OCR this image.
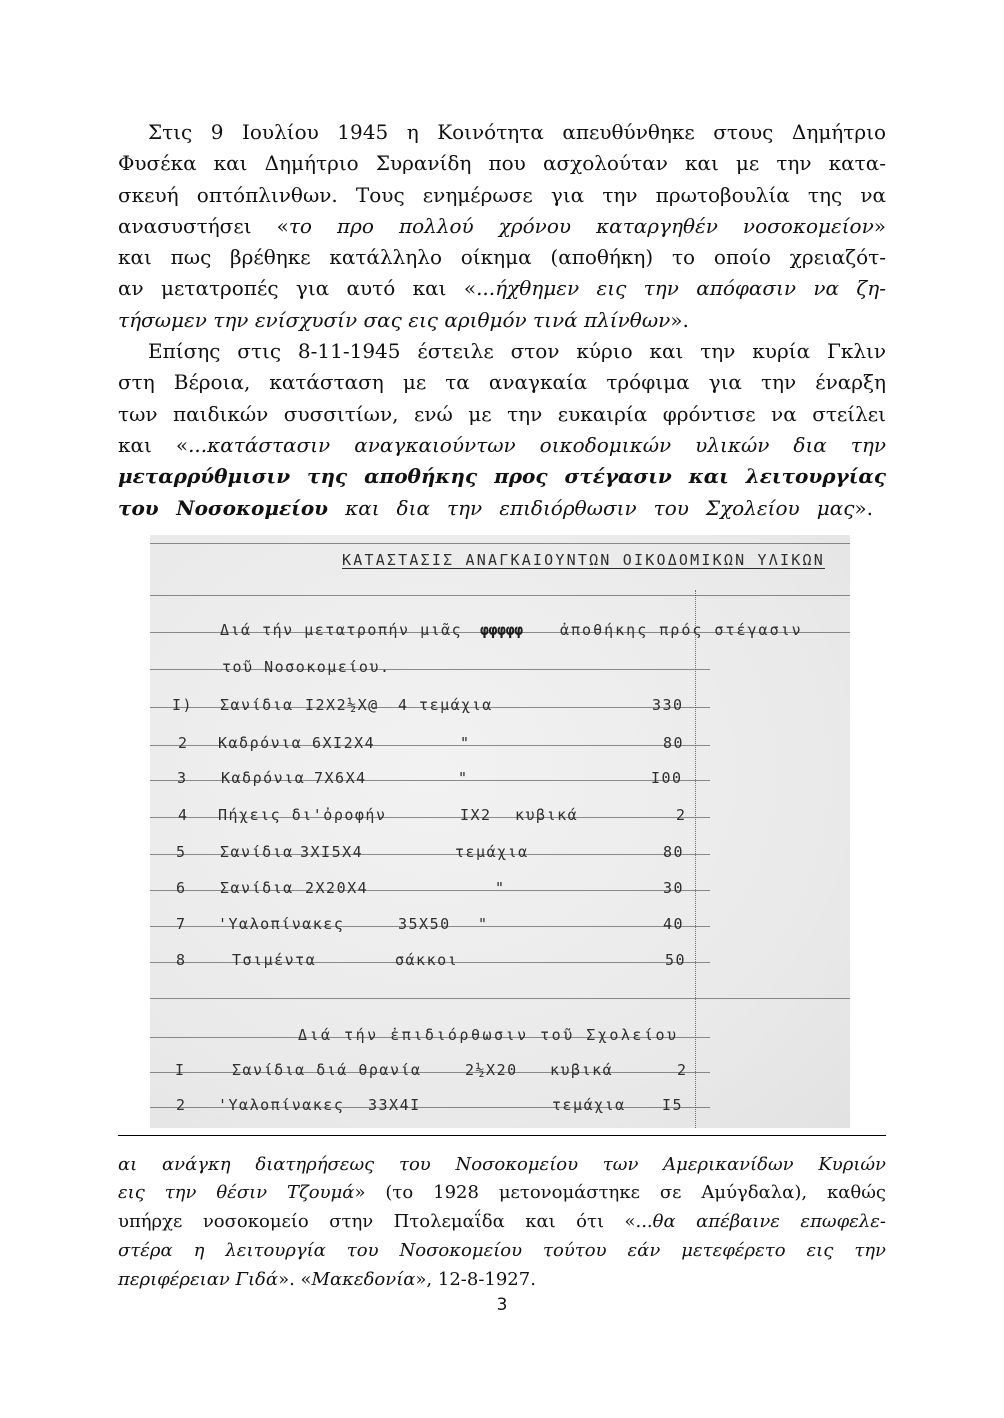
Στις 9 Ιουλίου 1945 η Κοινότητα απευθύνθηκε στους Δημήτριο
Φυσέκα και Δημήτριο Συρανίδη που ασχολούταν και με την κατα-
σκευή οπτόπλινθων. Τους ενημέρωσε για την πρωτοβουλία της να
ανασυστήσει «το προ πολλού χρόνου καταργηθέν νοσοκομείον»
και πως βρέθηκε κατάλληλο οίκημα (αποθήκη) το οποίο χρειαζότ-
αν μετατροπές για αυτό και «...ήχθημεν εις την απόφασιν να ζη-
τήσωμεν την ενίσχυσίν σας εις αριθμόν τινά πλίνθων».
Επίσης στις 8-11-1945 έστειλε στον κύριο και την κυρία Γκλιν
στη Βέροια, κατάσταση με τα αναγκαία τρόφιμα για την έναρξη
των παιδικών συσσιτίων, ενώ με την ευκαιρία φρόντισε να στείλει
και «...κατάστασιν αναγκαιούντων οικοδομικών υλικών δια την
μεταρρύθμισιν της αποθήκης προς στέγασιν και λειτουργίας
του Νοσοκομείου και δια την επιδιόρθωσιν του Σχολείου μας».
ΚΑΤΑΣΤΑΣΙΣ ΑΝΑΓΚΑΙΟΥΝΤΩΝ ΟΙΚΟΔΟΜΙΚΩΝ ΥΛΙΚΩΝ
Διά τήν μετατροπήν μιᾶς φφφφφ ἀποθήκης πρός στέγασιν
τοῦ Νοσοκομείου.
I) Σανίδια I2X2½X@ 4 τεμάχια	330
2 Καδρόνια 6XI2X4	"	80
3 Καδρόνια 7X6X4	"	I00
4 Πήχεις δι'ὀροφήν	IX2 κυβικά	2
5 Σανίδια 3XI5X4	τεμάχια	80
6 Σανίδια 2X20X4	"	30
7 'Υαλοπίνακες	35X50 "	40
8	Τσιμέντα	σάκκοι	50
Διά τήν ἐπιδιόρθωσιν τοῦ Σχολείου
I	Σανίδια διά θρανία	2½X20 κυβικά	2
2 'Υαλοπίνακες 33X4I	τεμάχια I5
αι ανάγκη διατηρήσεως του Νοσοκομείου των Αμερικανίδων Κυριών
εις την θέσιν Τζουμά» (το 1928 μετονομάστηκε σε Αμύγδαλα), καθώς
υπήρχε νοσοκομείο στην Πτολεμαΐδα και ότι «...θα απέβαινε επωφελε-
στέρα η λειτουργία του Νοσοκομείου τούτου εάν μετεφέρετο εις την
περιφέρειαν Γιδά». «Μακεδονία», 12-8-1927.
3
